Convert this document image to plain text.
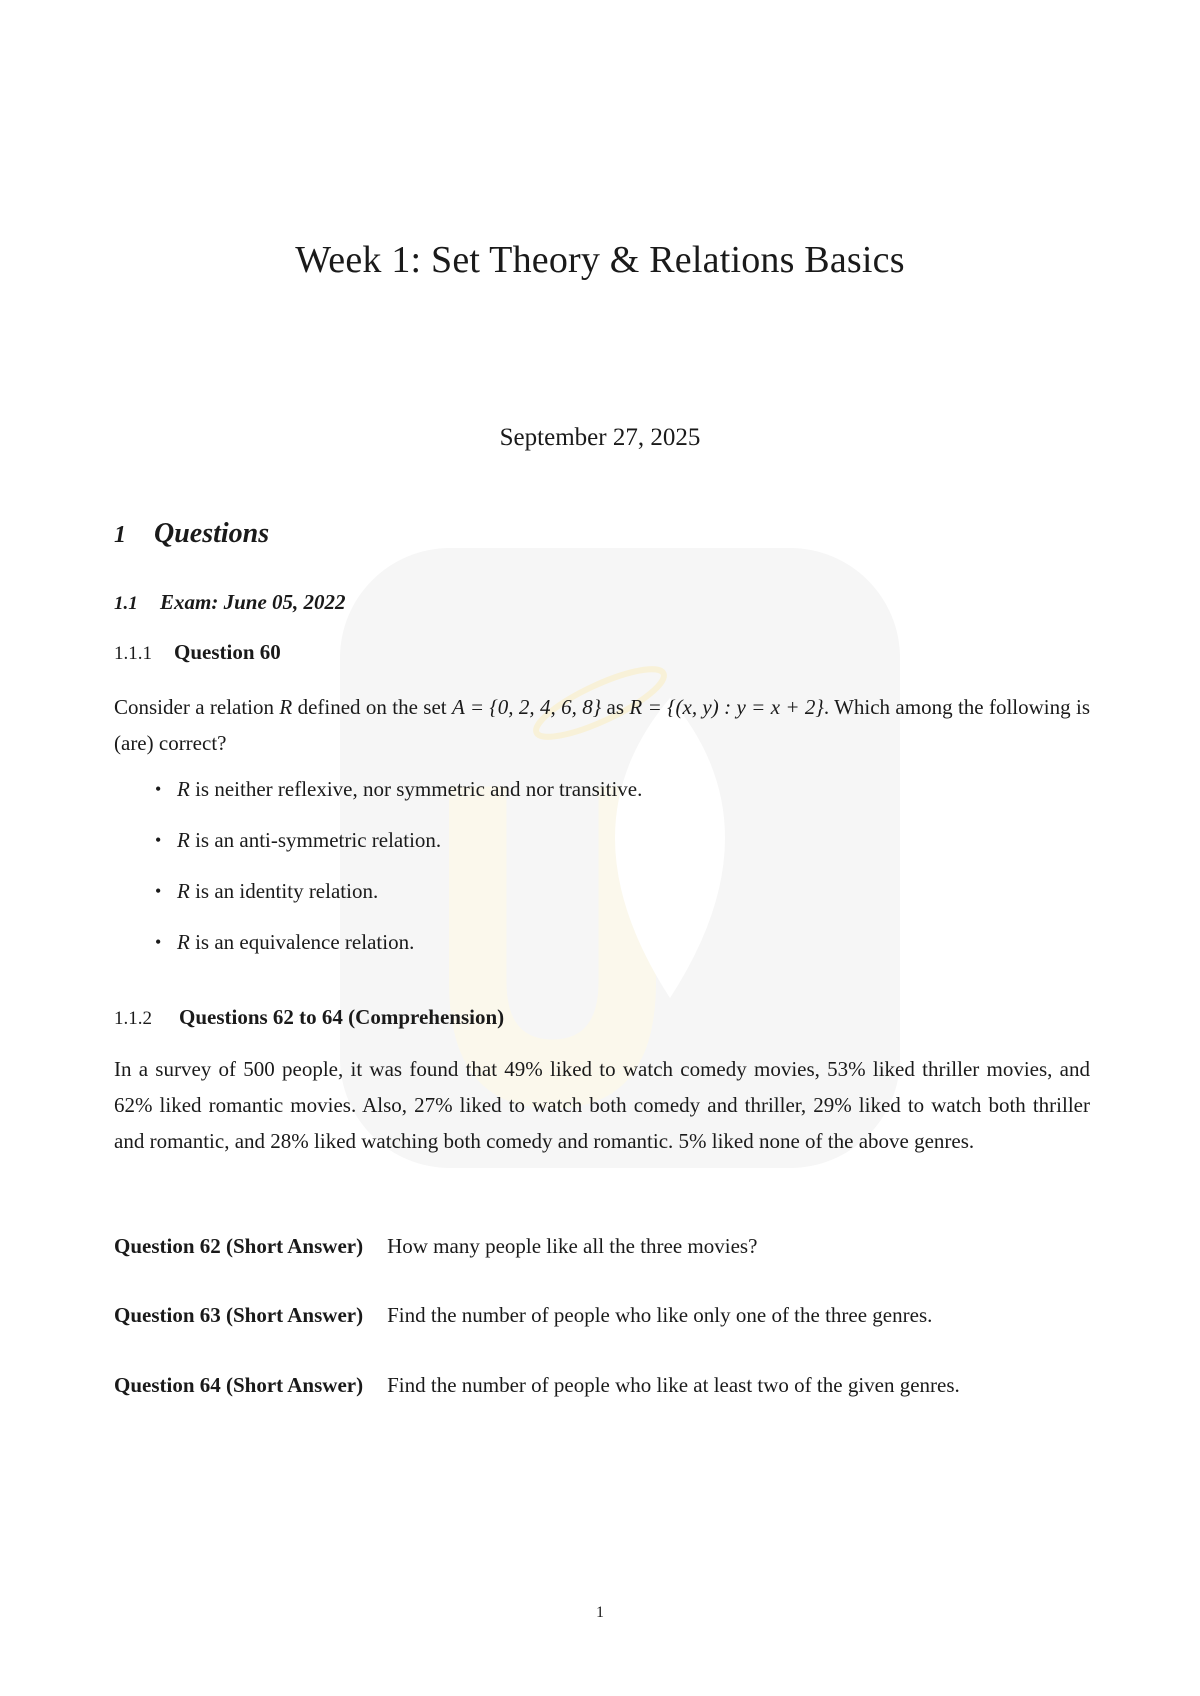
Week 1: Set Theory & Relations Basics
September 27, 2025
1 Questions
1.1 Exam: June 05, 2022
1.1.1 Question 60
Consider a relation R defined on the set A = {0, 2, 4, 6, 8} as R = {(x, y) : y = x + 2}. Which among the following is (are) correct?
• R is neither reflexive, nor symmetric and nor transitive.
• R is an anti-symmetric relation.
• R is an identity relation.
• R is an equivalence relation.
1.1.2 Questions 62 to 64 (Comprehension)
In a survey of 500 people, it was found that 49% liked to watch comedy movies, 53% liked thriller movies, and 62% liked romantic movies. Also, 27% liked to watch both comedy and thriller, 29% liked to watch both thriller and romantic, and 28% liked watching both comedy and romantic. 5% liked none of the above genres.
Question 62 (Short Answer) How many people like all the three movies?
Question 63 (Short Answer) Find the number of people who like only one of the three genres.
Question 64 (Short Answer) Find the number of people who like at least two of the given genres.
1
